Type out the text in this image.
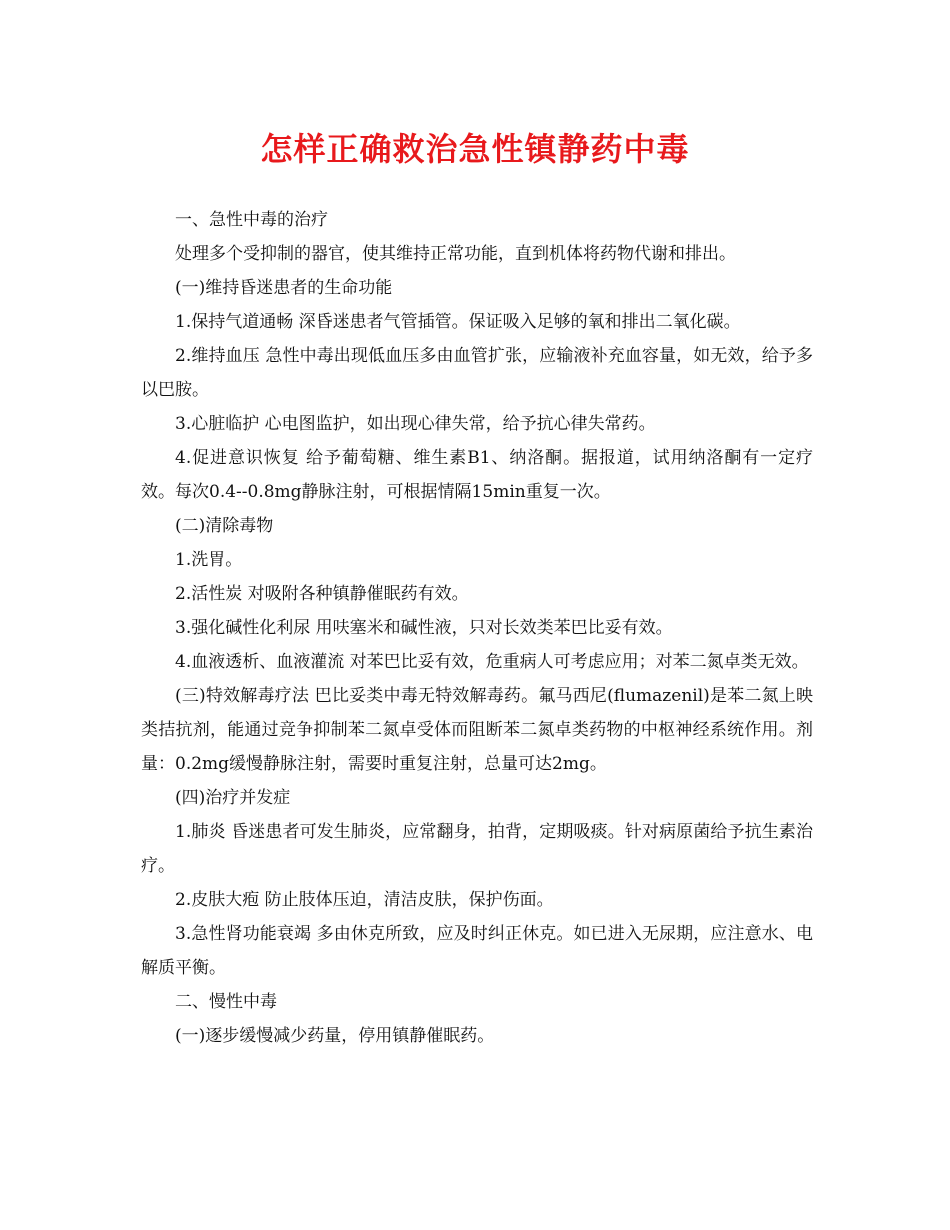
怎样正确救治急性镇静药中毒

一、急性中毒的治疗

处理多个受抑制的器官，使其维持正常功能，直到机体将药物代谢和排出。

(一)维持昏迷患者的生命功能

1.保持气道通畅 深昏迷患者气管插管。保证吸入足够的氧和排出二氧化碳。

2.维持血压 急性中毒出现低血压多由血管扩张，应输液补充血容量，如无效，给予多以巴胺。

3.心脏临护 心电图监护，如出现心律失常，给予抗心律失常药。

4.促进意识恢复 给予葡萄糖、维生素B1、纳洛酮。据报道，试用纳洛酮有一定疗效。每次0.4--0.8mg静脉注射，可根据情隔15min重复一次。

(二)清除毒物

1.洗胃。

2.活性炭 对吸附各种镇静催眠药有效。

3.强化碱性化利尿 用呋塞米和碱性液，只对长效类苯巴比妥有效。

4.血液透析、血液灌流 对苯巴比妥有效，危重病人可考虑应用；对苯二氮卓类无效。

(三)特效解毒疗法 巴比妥类中毒无特效解毒药。氟马西尼(flumazenil)是苯二氮上映类拮抗剂，能通过竞争抑制苯二氮卓受体而阻断苯二氮卓类药物的中枢神经系统作用。剂量：0.2mg缓慢静脉注射，需要时重复注射，总量可达2mg。

(四)治疗并发症

1.肺炎 昏迷患者可发生肺炎，应常翻身，拍背，定期吸痰。针对病原菌给予抗生素治疗。

2.皮肤大疱 防止肢体压迫，清洁皮肤，保护伤面。

3.急性肾功能衰竭 多由休克所致，应及时纠正休克。如已进入无尿期，应注意水、电解质平衡。

二、慢性中毒

(一)逐步缓慢减少药量，停用镇静催眠药。
